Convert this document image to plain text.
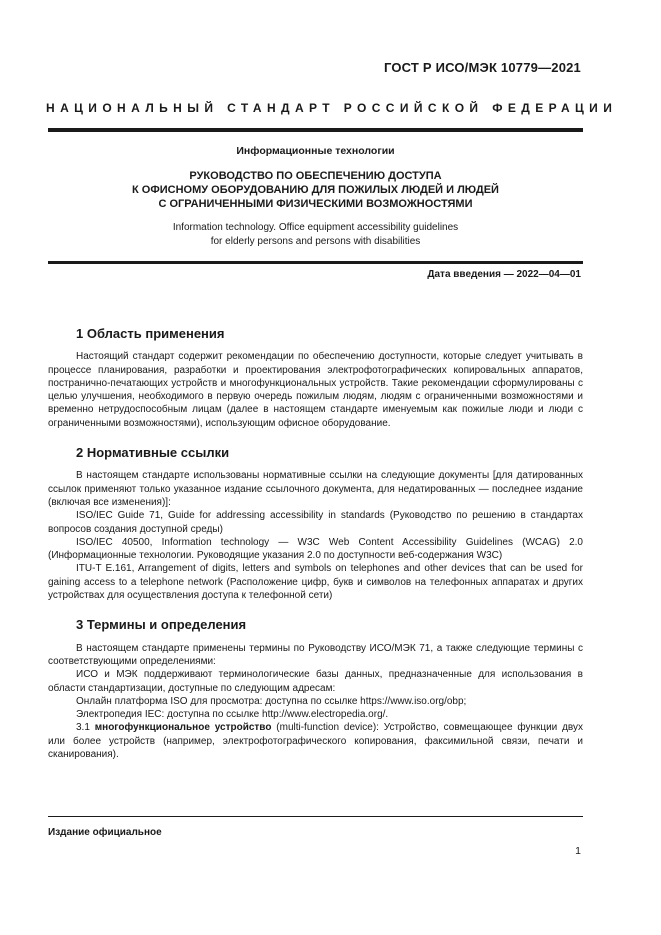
ГОСТ Р ИСО/МЭК 10779—2021
НАЦИОНАЛЬНЫЙ СТАНДАРТ РОССИЙСКОЙ ФЕДЕРАЦИИ
Информационные технологии
РУКОВОДСТВО ПО ОБЕСПЕЧЕНИЮ ДОСТУПА
К ОФИСНОМУ ОБОРУДОВАНИЮ ДЛЯ ПОЖИЛЫХ ЛЮДЕЙ И ЛЮДЕЙ
С ОГРАНИЧЕННЫМИ ФИЗИЧЕСКИМИ ВОЗМОЖНОСТЯМИ
Information technology. Office equipment accessibility guidelines
for elderly persons and persons with disabilities
Дата введения — 2022—04—01
1 Область применения

Настоящий стандарт содержит рекомендации по обеспечению доступности, которые следует учитывать в процессе планирования, разработки и проектирования электрофотографических копировальных аппаратов, постранично-печатающих устройств и многофункциональных устройств. Такие рекомендации сформулированы с целью улучшения, необходимого в первую очередь пожилым людям, людям с ограниченными возможностями и временно нетрудоспособным лицам (далее в настоящем стандарте именуемым как пожилые люди и люди с ограниченными возможностями), использующим офисное оборудование.

2 Нормативные ссылки

В настоящем стандарте использованы нормативные ссылки на следующие документы [для датированных ссылок применяют только указанное издание ссылочного документа, для недатированных — последнее издание (включая все изменения)]:

ISO/IEC Guide 71, Guide for addressing accessibility in standards (Руководство по решению в стандартах вопросов создания доступной среды)

ISO/IEC 40500, Information technology — W3C Web Content Accessibility Guidelines (WCAG) 2.0 (Информационные технологии. Руководящие указания 2.0 по доступности веб-содержания W3C)

ITU-T E.161, Arrangement of digits, letters and symbols on telephones and other devices that can be used for gaining access to a telephone network (Расположение цифр, букв и символов на телефонных аппаратах и других устройствах для осуществления доступа к телефонной сети)

3 Термины и определения

В настоящем стандарте применены термины по Руководству ИСО/МЭК 71, а также следующие термины с соответствующими определениями:

ИСО и МЭК поддерживают терминологические базы данных, предназначенные для использования в области стандартизации, доступные по следующим адресам:

Онлайн платформа ISO для просмотра: доступна по ссылке https://www.iso.org/obp;

Электропедия IEC: доступна по ссылке http://www.electropedia.org/.

3.1 многофункциональное устройство (multi-function device): Устройство, совмещающее функции двух или более устройств (например, электрофотографического копирования, факсимильной связи, печати и сканирования).

Издание официальное
1
